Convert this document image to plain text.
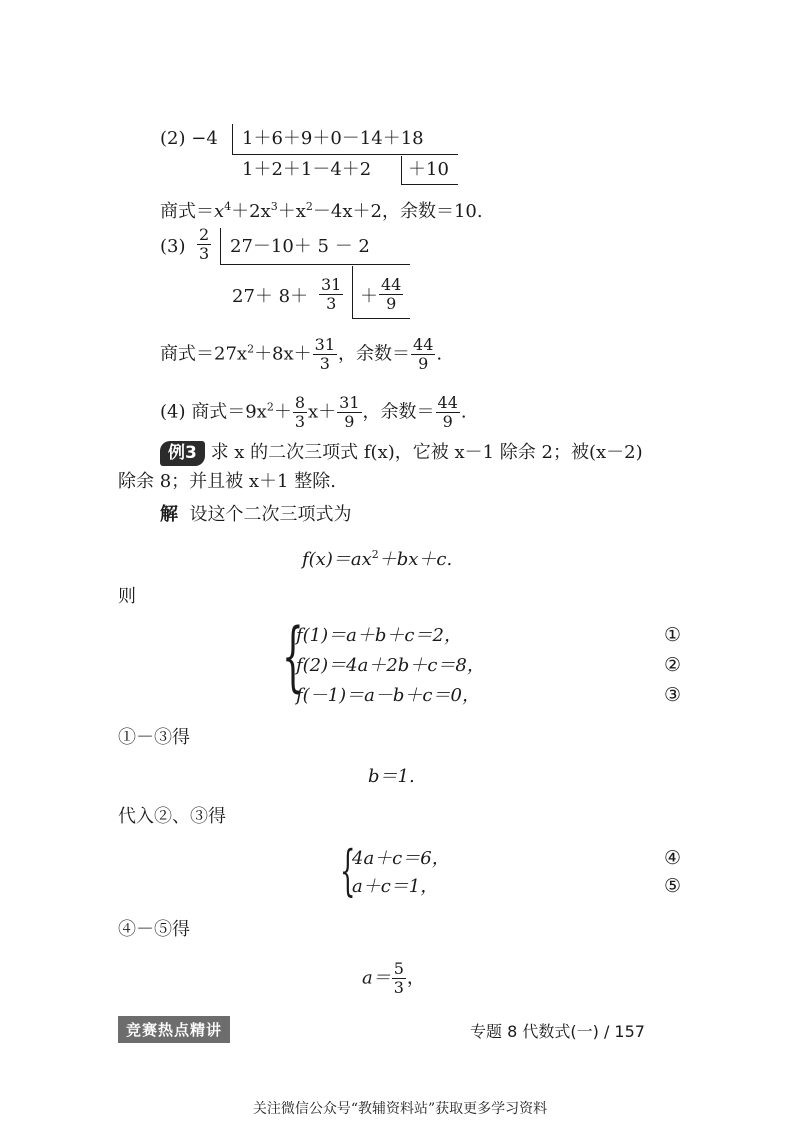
(2) −4 1＋6＋9＋0－14＋18
1＋2＋1－4＋2 ＋10
商式$=x^4+2x^3+x^2-4x+2$，余数＝10.
$(3) \frac{2}{3} 27-10+ 5 - 2$
$27+ 8+ \frac{31}{3} + \frac{44}{9}$
商式$=27x^2+8x+ \frac{31}{3}$ ，余数＝ $\frac{44}{9}$ .
(4) 商式$=9x^2+ \frac{8}{3} x+ \frac{31}{9}$ ，余数＝ $\frac{44}{9}$ .
例3 求 x 的二次三项式 f(x)，它被 x－1 除余 2；被(x－2)
除余 8；并且被 x＋1 整除.
解 设这个二次三项式为
$f(x)=ax^2+bx+c$.
则
{
f(1)＝a＋b＋c＝2，	①
f(2)＝4a＋2b＋c＝8，	②
f(－1)＝a－b＋c＝0，	③
①－③得
b＝1.
代入②、③得
{
4a＋c＝6，	④
a＋c＝1，	⑤
④－⑤得
$a= \frac{5}{3}$ ，
竞赛热点精讲	专题 8 代数式(一) / 157
关注微信公众号“教辅资料站”获取更多学习资料
